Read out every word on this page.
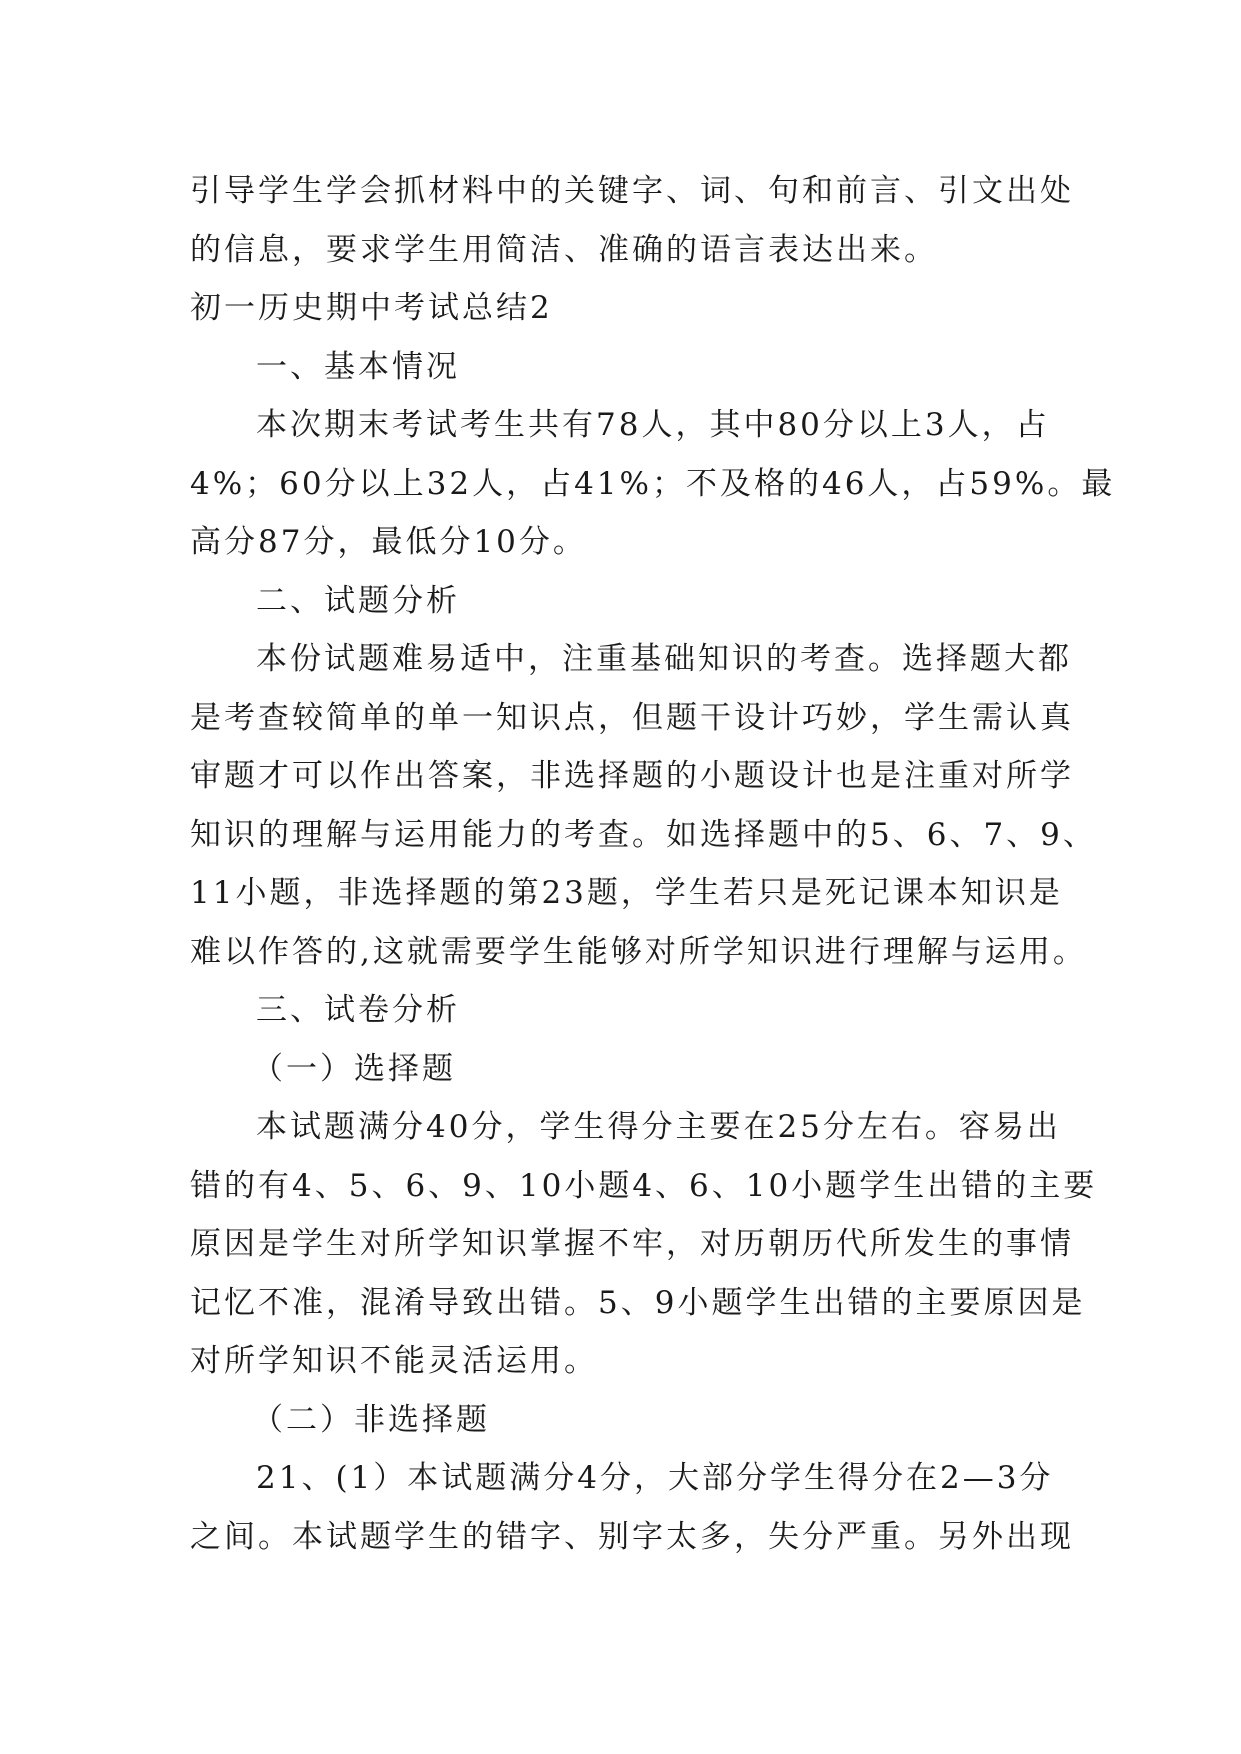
引导学生学会抓材料中的关键字、词、句和前言、引文出处
的信息，要求学生用简洁、准确的语言表达出来。
初一历史期中考试总结2
一、基本情况
本次期末考试考生共有78人，其中80分以上3人，占
4%；60分以上32人，占41%；不及格的46人，占59%。最
高分87分，最低分10分。
二、试题分析
本份试题难易适中，注重基础知识的考查。选择题大都
是考查较简单的单一知识点，但题干设计巧妙，学生需认真
审题才可以作出答案，非选择题的小题设计也是注重对所学
知识的理解与运用能力的考查。如选择题中的5、6、7、9、
11小题，非选择题的第23题，学生若只是死记课本知识是
难以作答的,这就需要学生能够对所学知识进行理解与运用。
三、试卷分析
（一）选择题
本试题满分40分，学生得分主要在25分左右。容易出
错的有4、5、6、9、10小题4、6、10小题学生出错的主要
原因是学生对所学知识掌握不牢，对历朝历代所发生的事情
记忆不准，混淆导致出错。5、9小题学生出错的主要原因是
对所学知识不能灵活运用。
（二）非选择题
21、(1）本试题满分4分，大部分学生得分在2—3分
之间。本试题学生的错字、别字太多，失分严重。另外出现
